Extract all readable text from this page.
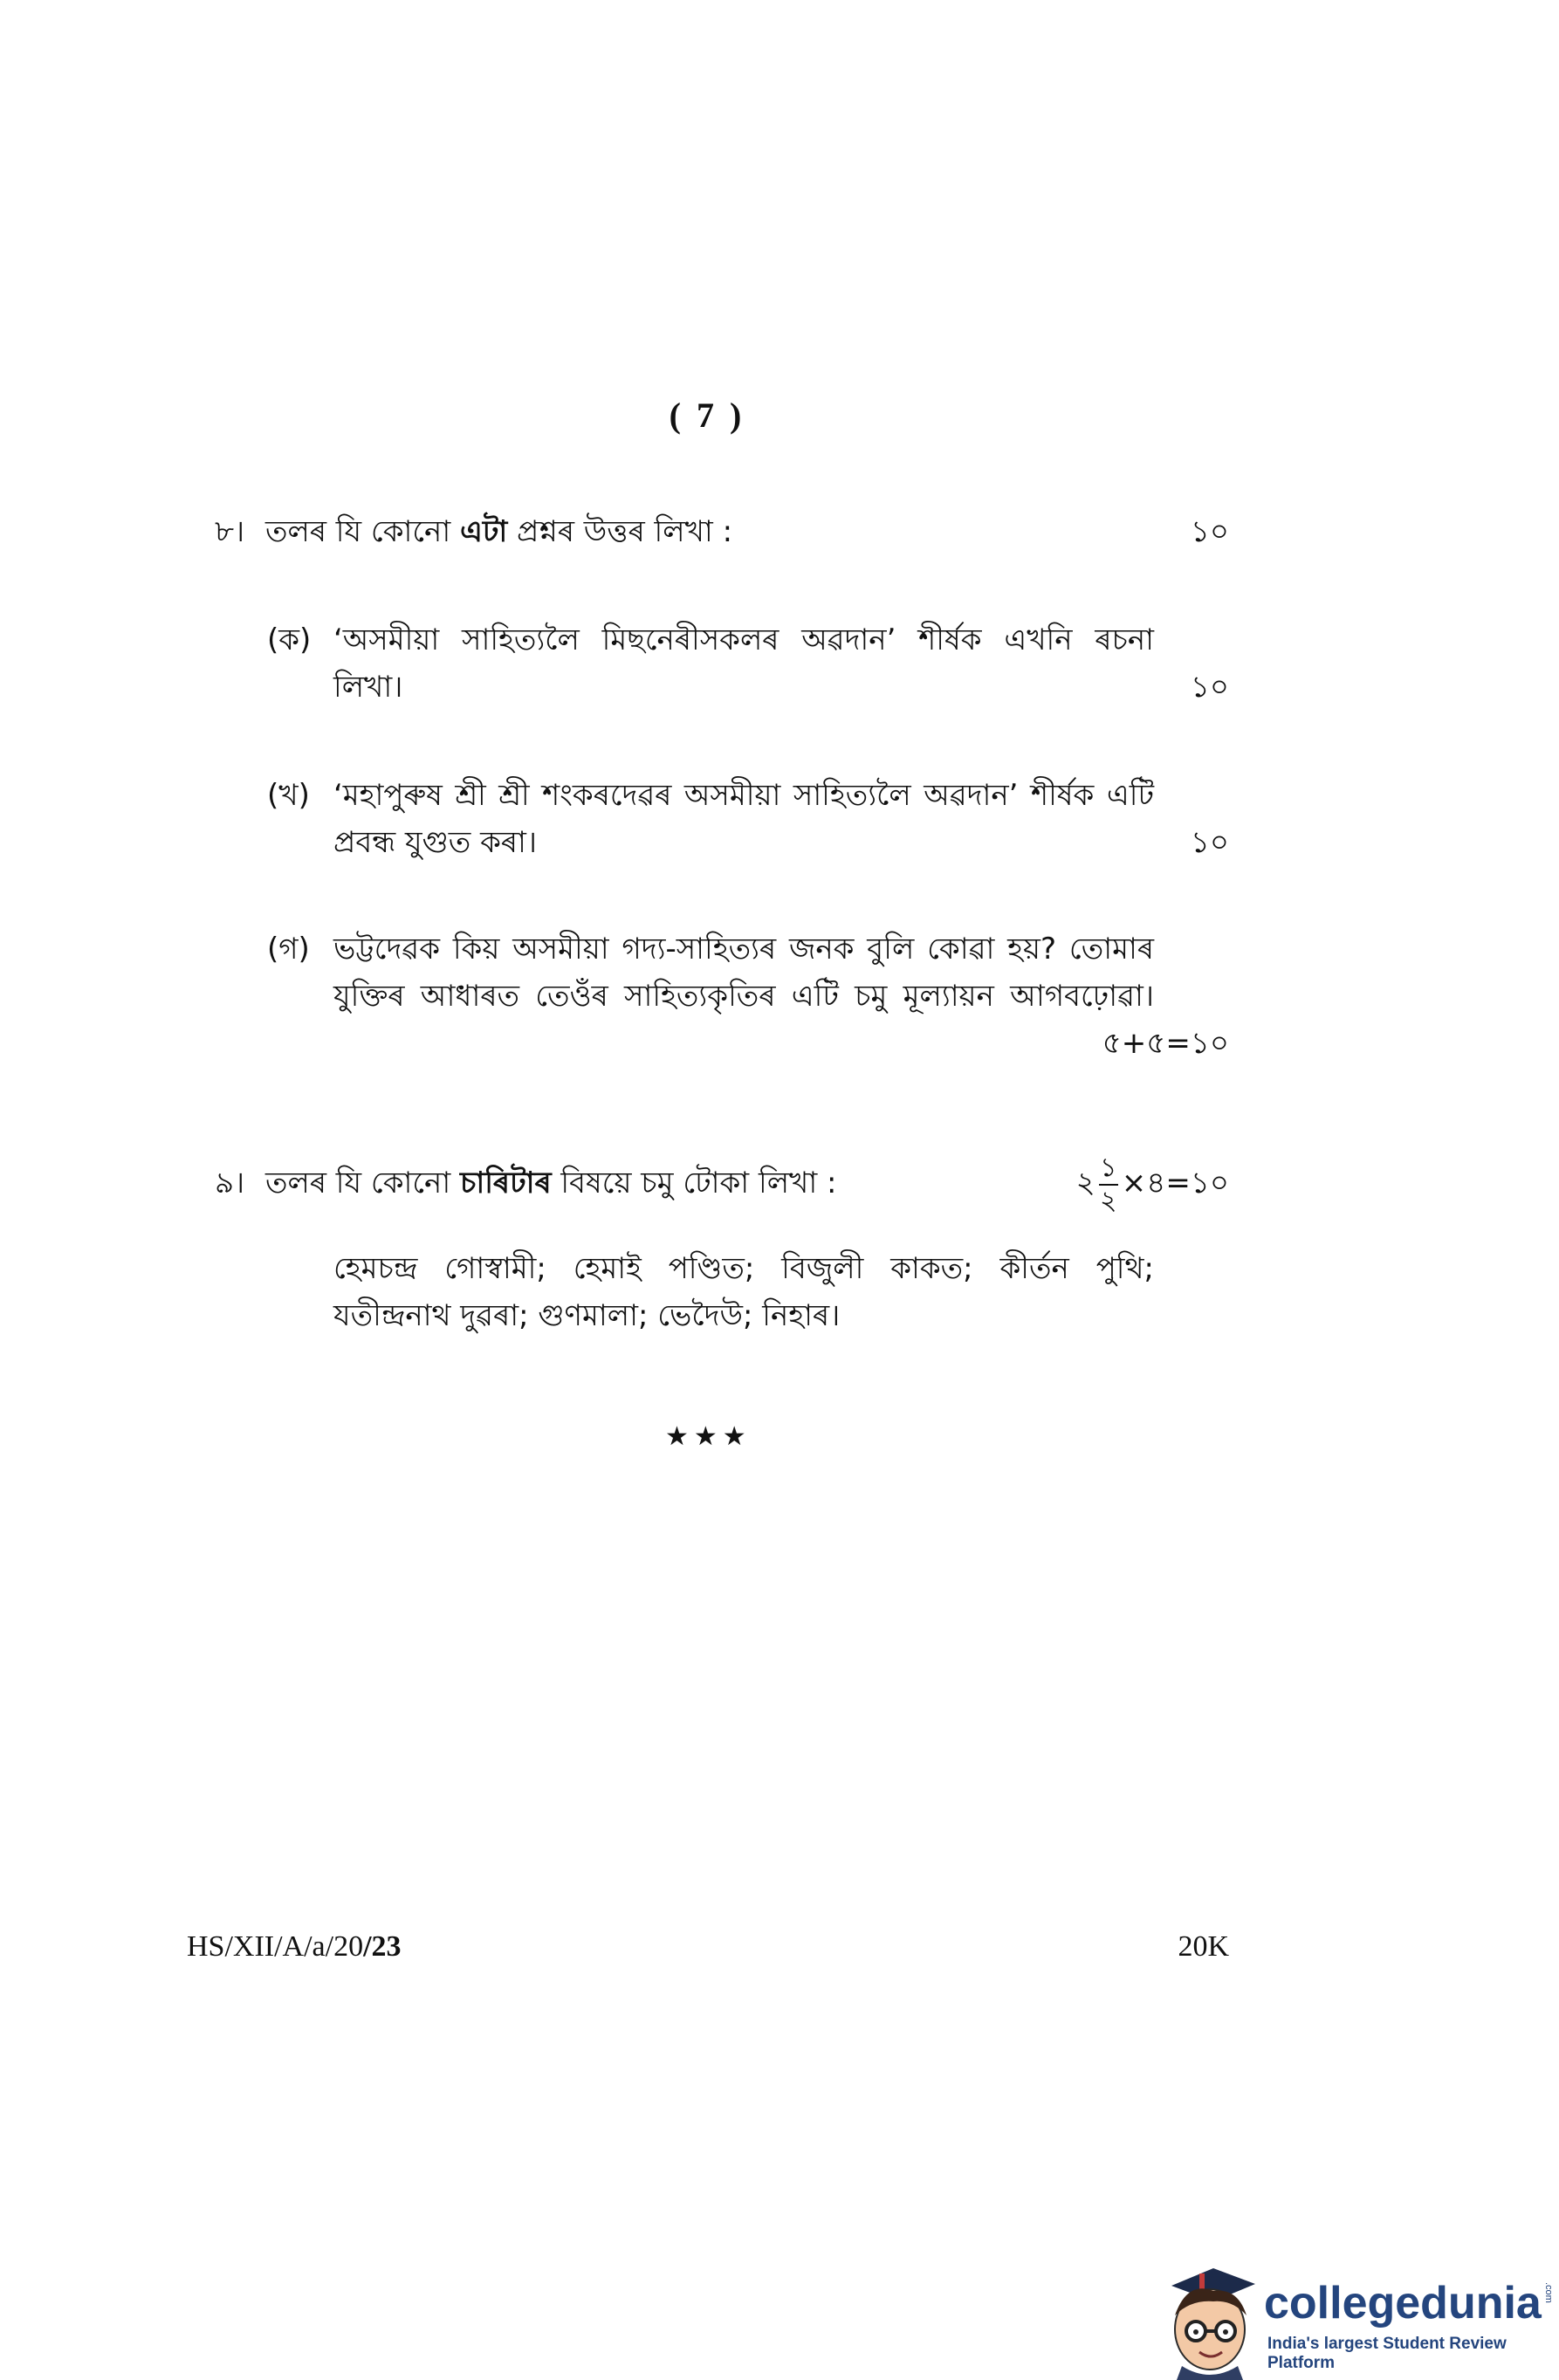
( 7 )
৮। তলৰ যি কোনো এটা প্ৰশ্নৰ উত্তৰ লিখা :	১০
(ক) ‘অসমীয়া সাহিত্যলৈ মিছনেৰীসকলৰ অৱদান’ শীৰ্ষক এখনি ৰচনা
লিখা।	১০
(খ) ‘মহাপুৰুষ শ্ৰী শ্ৰী শংকৰদেৱৰ অসমীয়া সাহিত্যলৈ অৱদান’ শীৰ্ষক এটি
প্ৰবন্ধ যুগুত কৰা।	১০
(গ) ভট্টদেৱক কিয় অসমীয়া গদ্য-সাহিত্যৰ জনক বুলি কোৱা হয়? তোমাৰ
যুক্তিৰ আধাৰত তেওঁৰ সাহিত্যকৃতিৰ এটি চমু মূল্যায়ন আগবঢ়োৱা।
৫+৫=১০
৯। তলৰ যি কোনো চাৰিটাৰ বিষয়ে চমু টোকা লিখা :	২ $\frac{১}{২}$ ×৪=১০
হেমচন্দ্ৰ গোস্বামী; হেমাই পণ্ডিত; বিজুলী কাকত; কীৰ্তন পুথি;
যতীন্দ্ৰনাথ দুৱৰা; গুণমালা; ভেদৈউ; নিহাৰ।
★★★
HS/XII/A/a/20/23	20K
collegedunia .com
India's largest Student Review Platform
